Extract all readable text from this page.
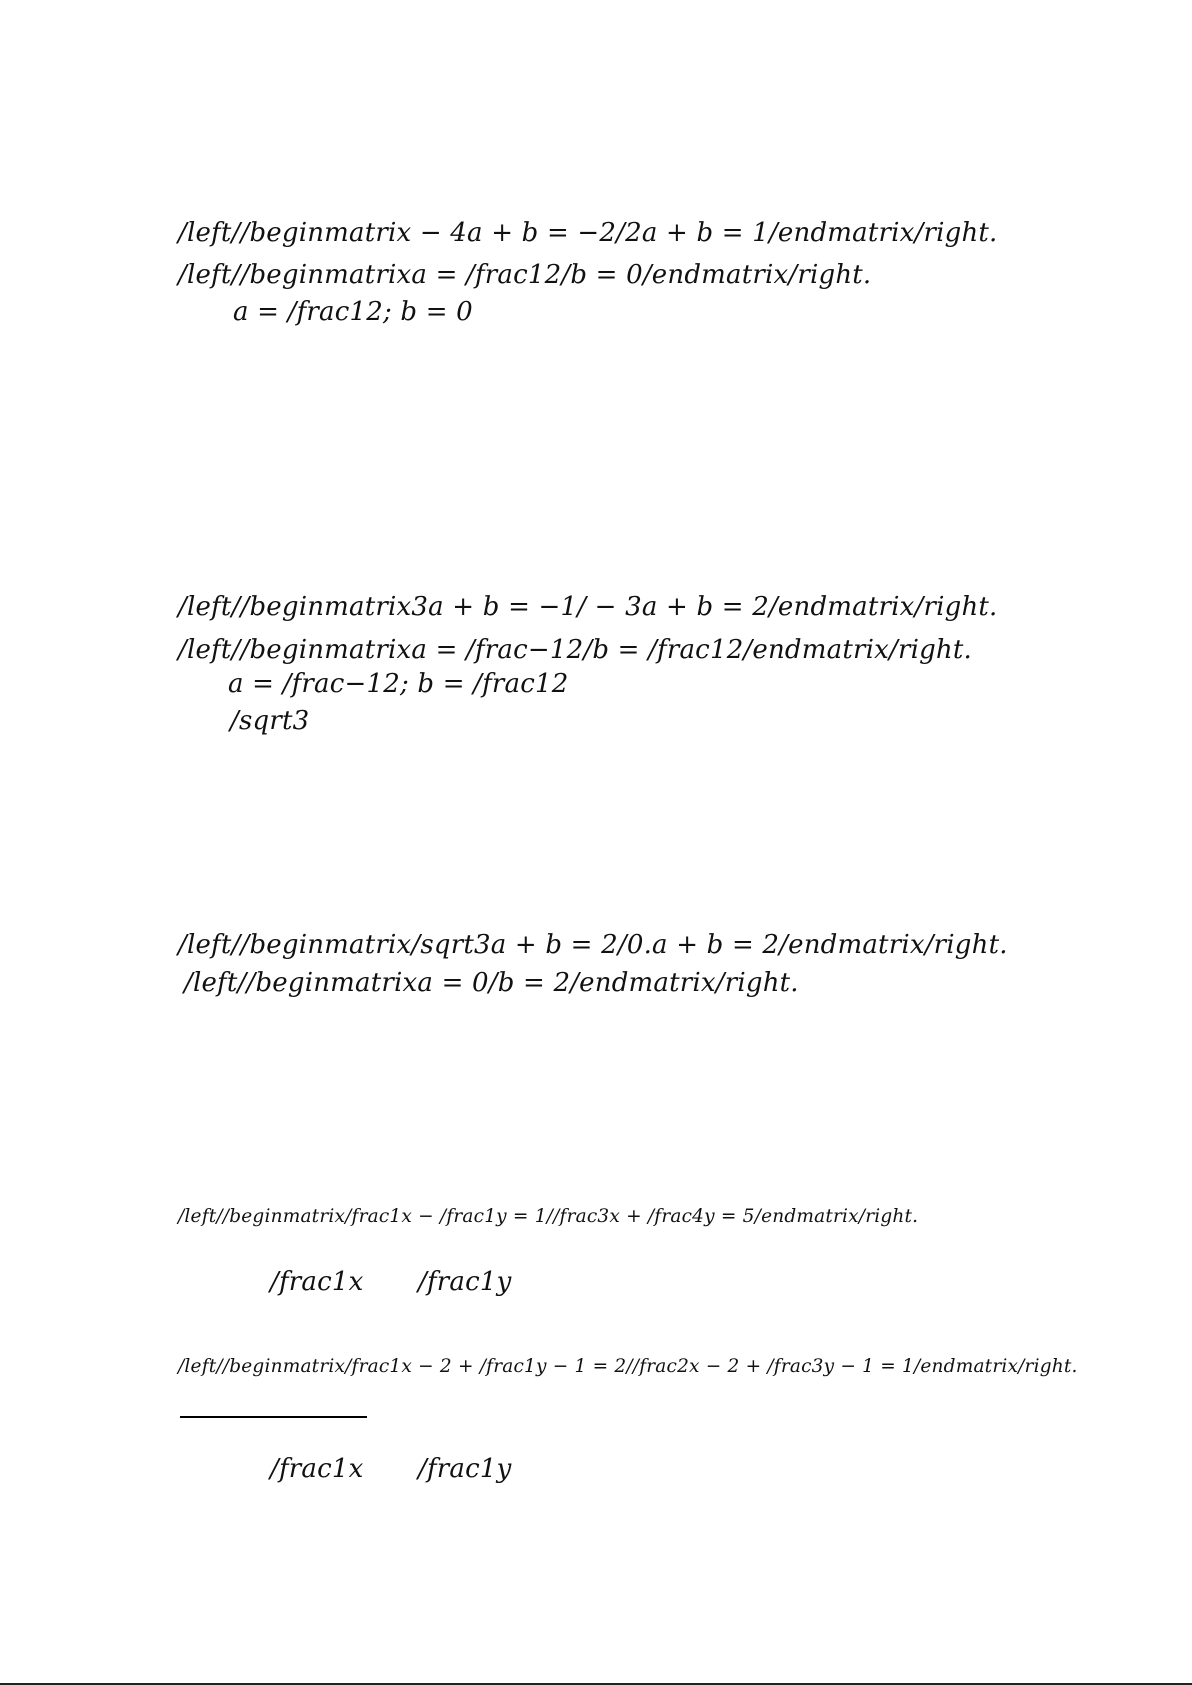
/left//beginmatrix − 4a + b = −2/2a + b = 1/endmatrix/right.
/left//beginmatrixa = /frac12/b = 0/endmatrix/right.
a = /frac12; b = 0
/left//beginmatrix3a + b = −1/ − 3a + b = 2/endmatrix/right.
/left//beginmatrixa = /frac−12/b = /frac12/endmatrix/right.
a = /frac−12; b = /frac12
/sqrt3
/left//beginmatrix/sqrt3a + b = 2/0.a + b = 2/endmatrix/right.
/left//beginmatrixa = 0/b = 2/endmatrix/right.
/left//beginmatrix/frac1x − /frac1y = 1//frac3x + /frac4y = 5/endmatrix/right.
/frac1x /frac1y
/left//beginmatrix/frac1x − 2 + /frac1y − 1 = 2//frac2x − 2 + /frac3y − 1 = 1/endmatrix/right.
/frac1x /frac1y
